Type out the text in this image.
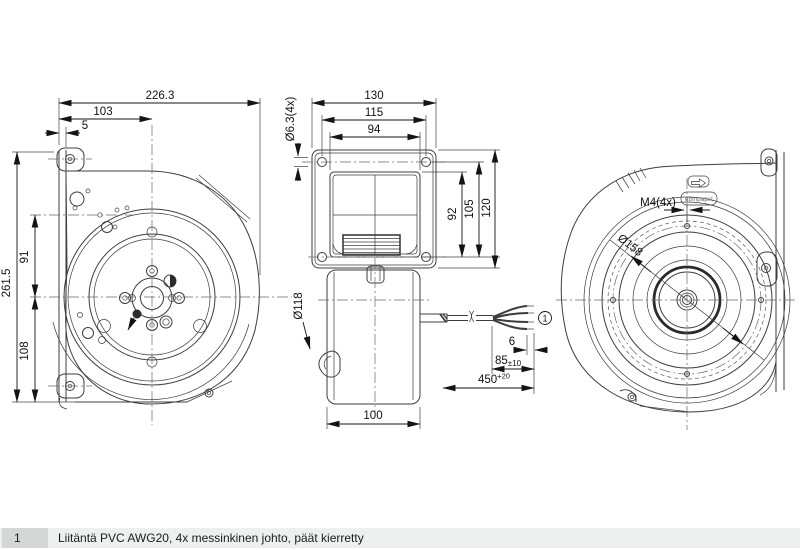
226.3
103
5
261.5
91
108
1
130
115
94
Ø6.3(4x)
92 105 120
Ø118
100
6
85±10
$450^{+20}$
ebmpapst
M4(4x)
Ø158
1	Liitäntä PVC AWG20, 4x messinkinen johto, päät kierretty
